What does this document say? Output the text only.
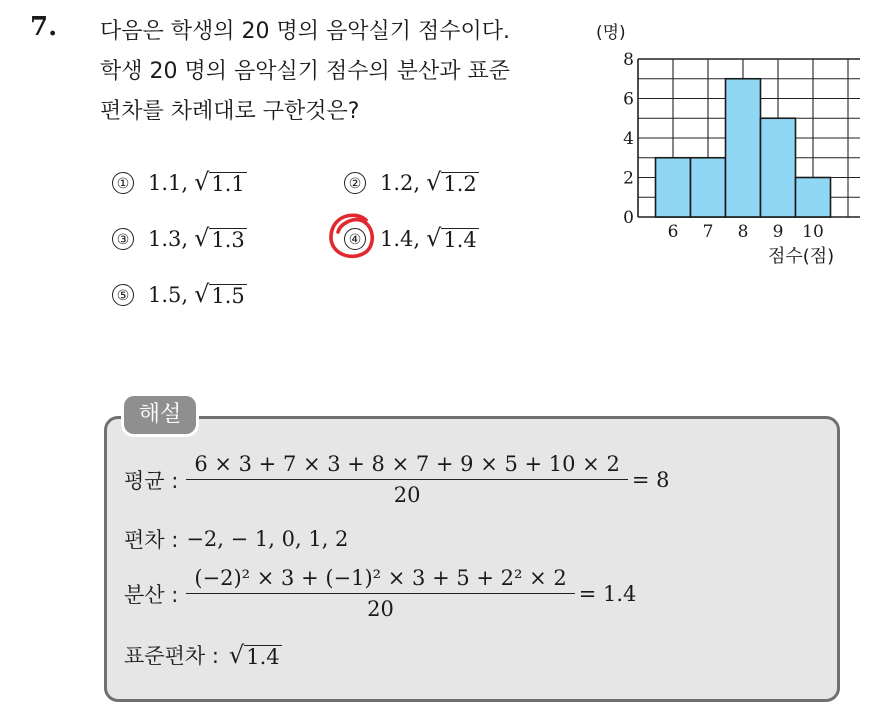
7. 다음은 학생의 20 명의 음악실기 점수이다.
학생 20 명의 음악실기 점수의 분산과 표준
편차를 차례대로 구한것은?
① 1.1, √ 1.1	② 1.2, √ 1.2
③ 1.3, √ 1.3	④ 1.4, √ 1.4
⑤ 1.5, √ 1.5
0
2
4
6
8
6 7 8 9 10
(명)
점수(점)
해설
평균 : $\frac{6 \times 3 + 7 \times 3 + 8 \times 7 + 9 \times 5 + 10 \times 2}{20} = 8$
편차 : −2, − 1, 0, 1, 2
분산 : $\frac{\text{(−2)² × 3 + (−1)² × 3 + 5 + 2² × 2}}{20} = 1.4$
표준편차 : √ 1.4
